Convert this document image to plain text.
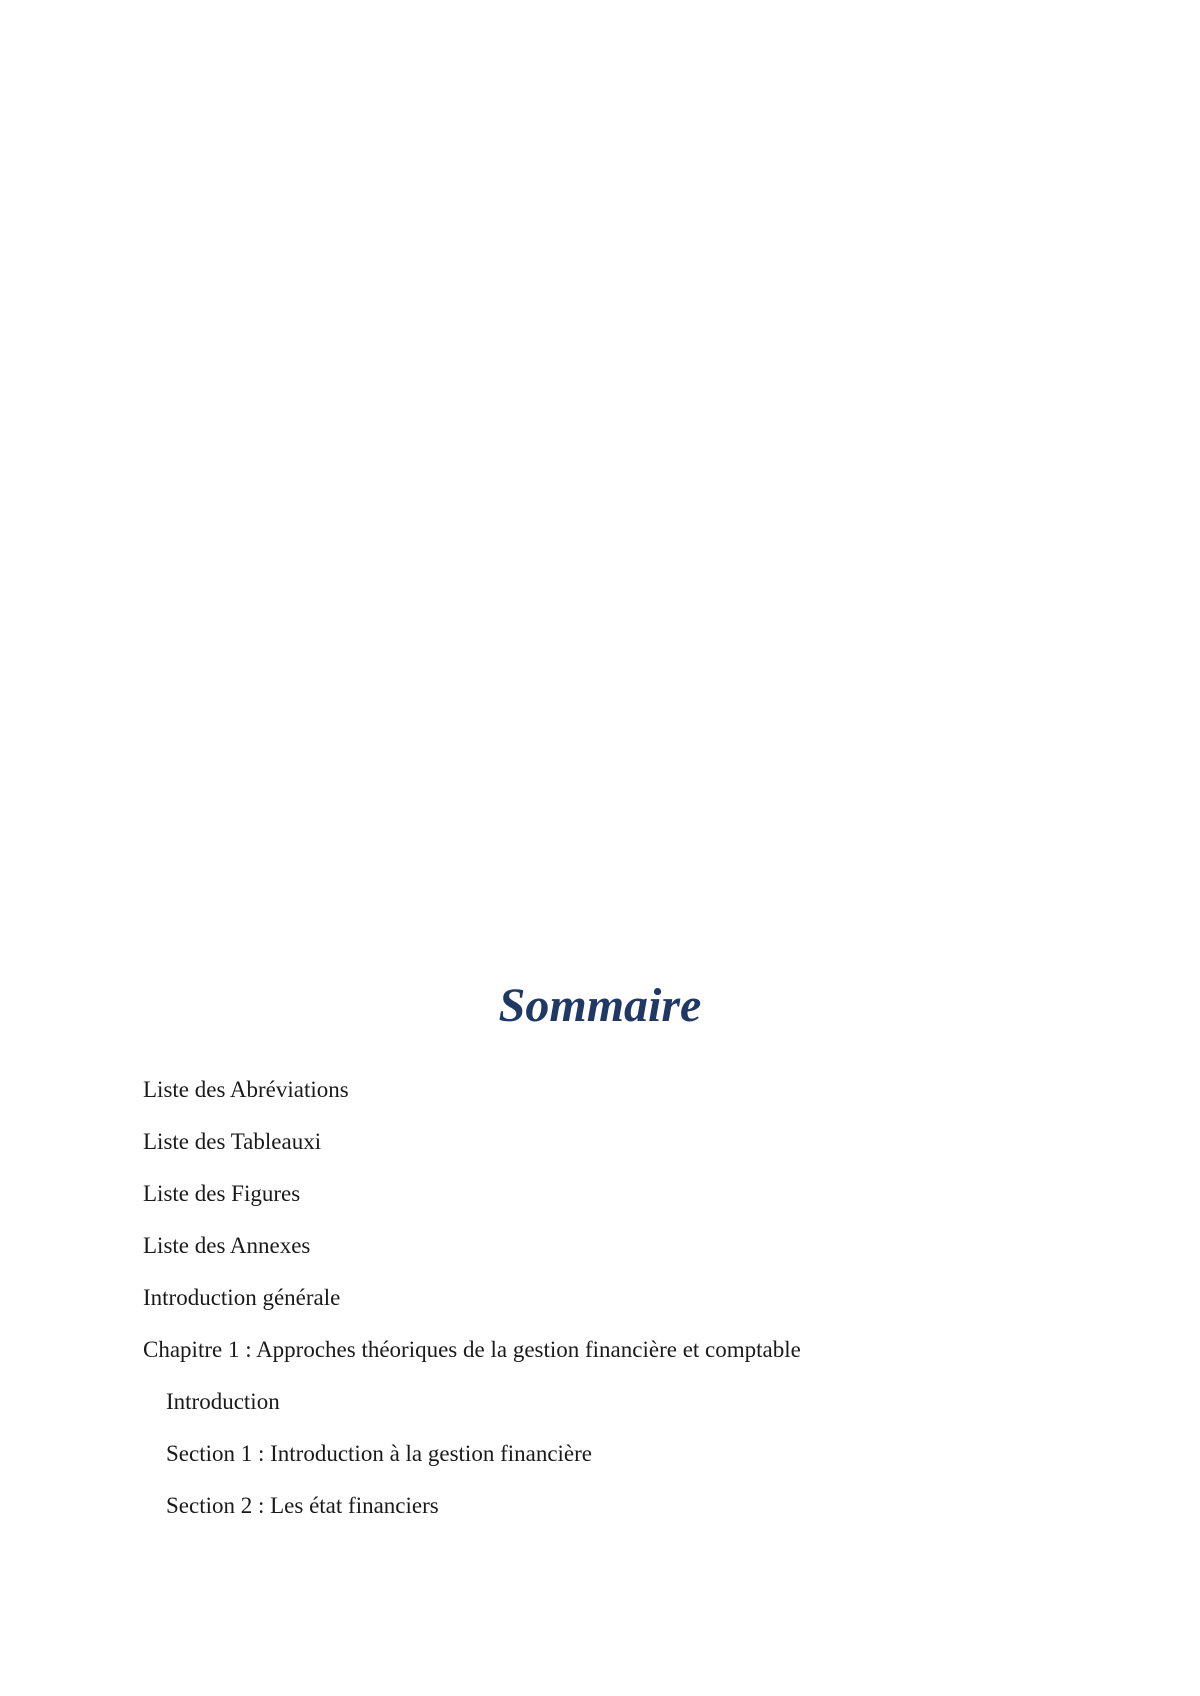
Sommaire
Liste des Abréviations
Liste des Tableauxi
Liste des Figures
Liste des Annexes
Introduction générale
Chapitre 1 : Approches théoriques de la gestion financière et comptable
Introduction
Section 1 : Introduction à la gestion financière
Section 2 : Les état financiers
